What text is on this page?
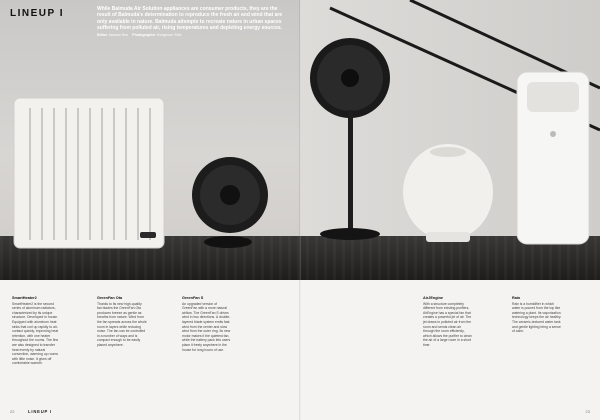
LINEUP I	While Balmuda Air Solution appliances are consumer products, they are the result of Balmuda's determination to reproduce the fresh air and wind that are only available in nature. Balmuda attempts to recreate nature in urban spaces suffering from polluted air, rising temperatures and depleting energy sources.
Editor Jaewon Seo Photographer Donghoon Shin
SmartHeater2
SmartHeater2 is the second series of aluminum radiators, characterized by its unique structure. Developed in house. Equipped with aluminum heat sinks that curl up rapidly to air-contact quickly, improving heat retention, with one heater throughout the rooms. The fins are also designed to transfer heat evenly by natural convection, warming up rooms with little noise. It gives off comfortable warmth.
GreenFan Ota
Thanks to its new high-quality fan blades the GreenFan Ota produces breeze as gentle as breaths from nature. Wind from the fan spreads across the whole room in layers while reducing noise. The fan can be controlled in a number of ways and is compact enough to be easily placed anywhere.
GreenFan S
An upgraded version of GreenFan with a more natural airflow. The GreenFan S drives wind in two directions. A double-layered blade system emits fast wind from the center and slow wind from the outer ring. Its new motor makes it the quietest fan, while the battery pack lets users place it freely anywhere in the house for long hours of use.
AirJEngine
With a structure completely different from existing purifiers, AirEngine has a special fan that creates a powerful jet of air. The jet draws in polluted air from the room and sends clean air through the room efficiently, which allows the purifier to clean the air of a large room in a short time.
Rain
Rain is a humidifier in which water is poured from the top like watering a plant. Its vaporization technology keeps the air healthy. The ceramic-textured water tank and gentle lighting bring a sense of calm.
22	LINEUP I	23
